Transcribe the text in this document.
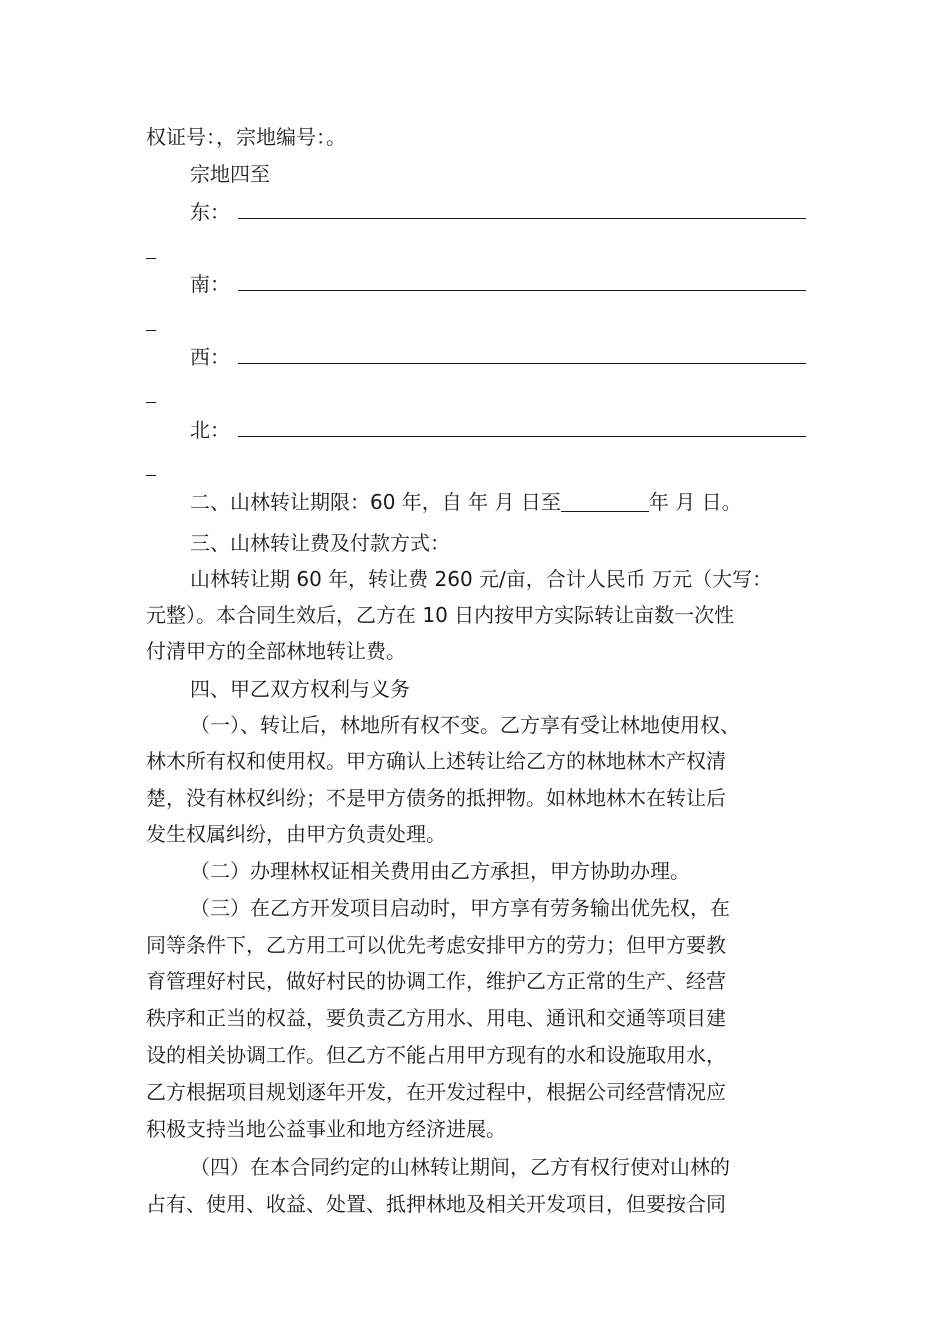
权证号：，宗地编号：。
宗地四至
东：
南：
西：
北：
二、山林转让期限：60 年，自 年 月 日至	年 月 日。
三、山林转让费及付款方式：
山林转让期 60 年，转让费 260 元/亩，合计人民币 万元（大写：
元整）。本合同生效后，乙方在 10 日内按甲方实际转让亩数一次性
付清甲方的全部林地转让费。
四、甲乙双方权利与义务
（一）、转让后，林地所有权不变。乙方享有受让林地使用权、
林木所有权和使用权。甲方确认上述转让给乙方的林地林木产权清
楚，没有林权纠纷；不是甲方债务的抵押物。如林地林木在转让后
发生权属纠纷，由甲方负责处理。
（二）办理林权证相关费用由乙方承担，甲方协助办理。
（三）在乙方开发项目启动时，甲方享有劳务输出优先权，在
同等条件下，乙方用工可以优先考虑安排甲方的劳力；但甲方要教
育管理好村民，做好村民的协调工作，维护乙方正常的生产、经营
秩序和正当的权益，要负责乙方用水、用电、通讯和交通等项目建
设的相关协调工作。但乙方不能占用甲方现有的水和设施取用水，
乙方根据项目规划逐年开发，在开发过程中，根据公司经营情况应
积极支持当地公益事业和地方经济进展。
（四）在本合同约定的山林转让期间，乙方有权行使对山林的
占有、使用、收益、处置、抵押林地及相关开发项目，但要按合同
